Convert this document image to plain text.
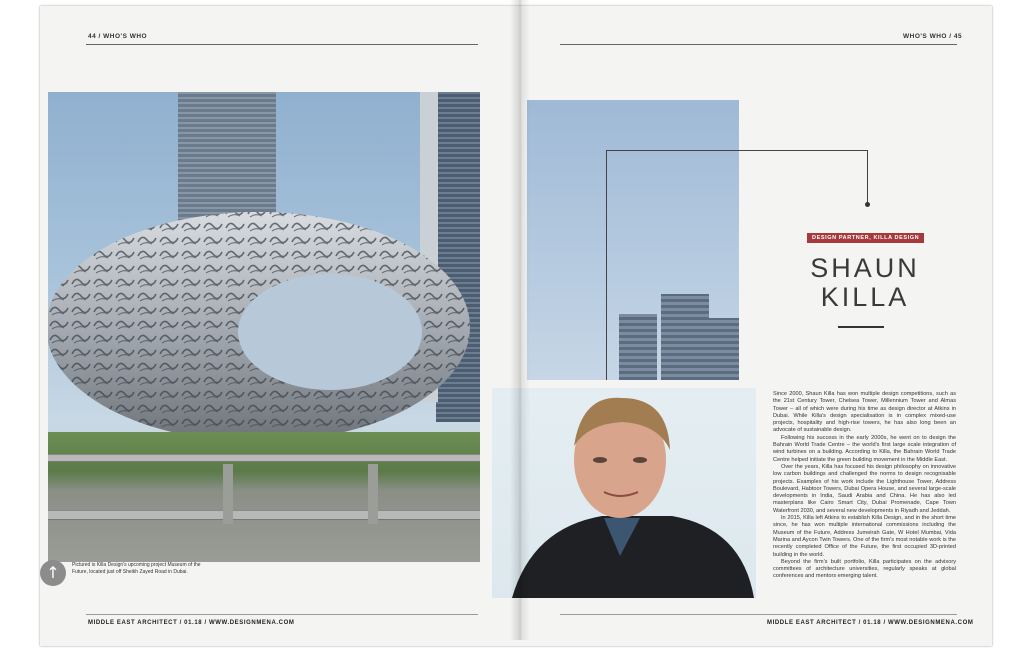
44 / WHO'S WHO	WHO'S WHO / 45
↑	Pictured is Killa Design's upcoming project Museum of the Future, located just off Sheikh Zayed Road in Dubai.
MIDDLE EAST ARCHITECT / 01.18 / WWW.DESIGNMENA.COM
DESIGN PARTNER, KILLA DESIGN
SHAUN
KILLA

Since 2000, Shaun Killa has won multiple design competitions, such as the 21st Century Tower, Chelsea Tower, Millennium Tower and Almas Tower – all of which were during his time as design director at Atkins in Dubai. While Killa's design specialisation is in complex mixed-use projects, hospitality and high-rise towers, he has also long been an advocate of sustainable design.

Following his success in the early 2000s, he went on to design the Bahrain World Trade Centre – the world's first large scale integration of wind turbines on a building. According to Killa, the Bahrain World Trade Centre helped initiate the green building movement in the Middle East.

Over the years, Killa has focused his design philosophy on innovative low carbon buildings and challenged the norms to design recognisable projects. Examples of his work include the Lighthouse Tower, Address Boulevard, Habtoor Towers, Dubai Opera House, and several large-scale developments in India, Saudi Arabia and China. He has also led masterplans like Cairo Smart City, Dubai Promenade, Cape Town Waterfront 2030, and several new developments in Riyadh and Jeddah.

In 2015, Killa left Atkins to establish Killa Design, and in the short time since, he has won multiple international commissions including the Museum of the Future, Address Jumeirah Gate, W Hotel Mumbai, Vida Marina and Aycon Twin Towers. One of the firm's most notable work is the recently completed Office of the Future, the first occupied 3D-printed building in the world.

Beyond the firm's built portfolio, Killa participates on the advisory committees of architecture universities, regularly speaks at global conferences and mentors emerging talent.

MIDDLE EAST ARCHITECT / 01.18 / WWW.DESIGNMENA.COM
